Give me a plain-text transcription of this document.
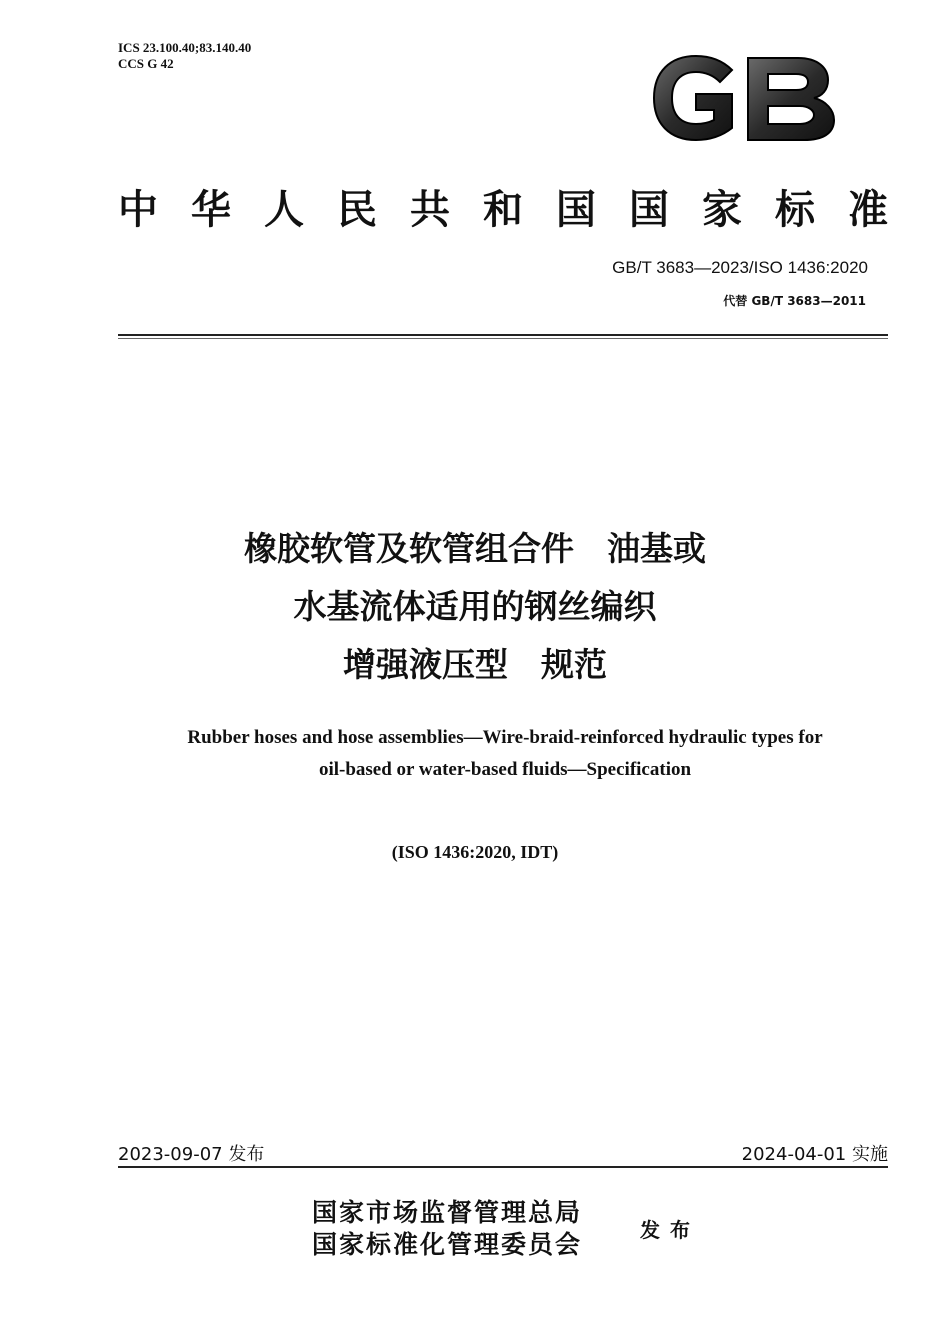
ICS 23.100.40;83.140.40
CCS G 42
中 华 人 民 共 和 国 国 家 标 准
GB/T 3683—2023/ISO 1436:2020
代替 GB/T 3683—2011
橡胶软管及软管组合件　油基或
水基流体适用的钢丝编织
增强液压型　规范
Rubber hoses and hose assemblies—Wire-braid-reinforced hydraulic types for
oil-based or water-based fluids—Specification
(ISO 1436:2020, IDT)
2023-09-07 发布	2024-04-01 实施
国家市场监督管理总局
国家标准化管理委员会	发布
